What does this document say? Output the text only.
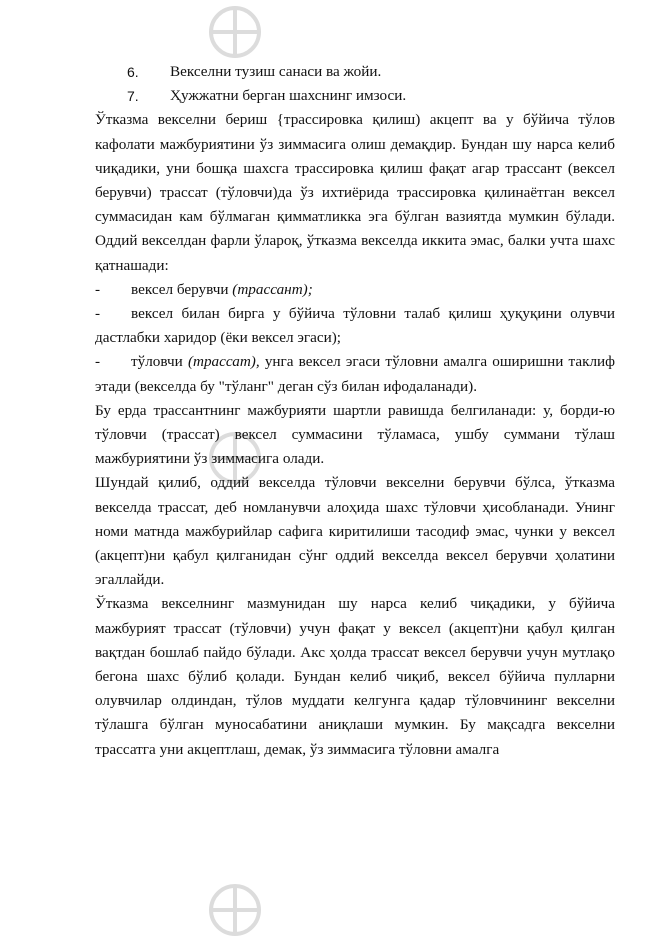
6.	Векселни тузиш санаси ва жойи.
7.	Ҳужжатни берган шахснинг имзоси.

Ўтказма векселни бериш {трассировка қилиш) акцепт ва у бўйича тўлов кафолати мажбуриятини ўз зиммасига олиш демақдир. Бундан шу нарса келиб чиқадики, уни бошқа шахсга трассировка қилиш фақат агар трассант (вексел берувчи) трассат (тўловчи)да ўз ихтиёрида трассировка қилинаётган вексел суммасидан кам бўлмаган қимматликка эга бўлган вазиятда мумкин бўлади. Оддий векселдан фарли ўлароқ, ўтказма векселда иккита эмас, балки учта шахс қатнашади:

- вексел берувчи (трассант);

- вексел билан бирга у бўйича тўловни талаб қилиш ҳуқуқини олувчи дастлабки харидор (ёки вексел эгаси);

- тўловчи (трассат), унга вексел эгаси тўловни амалга оширишни таклиф этади (векселда бу "тўланг" деган сўз билан ифодаланади).

Бу ерда трассантнинг мажбурияти шартли равишда белгиланади: у, борди-ю тўловчи (трассат) вексел суммасини тўламаса, ушбу суммани тўлаш мажбуриятини ўз зиммасига олади.

Шундай қилиб, оддий векселда тўловчи векселни берувчи бўлса, ўтказма векселда трассат, деб номланувчи алоҳида шахс тўловчи ҳисобланади. Унинг номи матнда мажбурийлар сафига киритилиши тасодиф эмас, чунки у вексел (акцепт)ни қабул қилганидан сўнг оддий векселда вексел берувчи ҳолатини эгаллайди.

Ўтказма векселнинг мазмунидан шу нарса келиб чиқадики, у бўйича мажбурият трассат (тўловчи) учун фақат у вексел (акцепт)ни қабул қилган вақтдан бошлаб пайдо бўлади. Акс ҳолда трассат вексел берувчи учун мутлақо бегона шахс бўлиб қолади. Бундан келиб чиқиб, вексел бўйича пулларни олувчилар олдиндан, тўлов муддати келгунга қадар тўловчининг векселни тўлашга бўлган муносабатини аниқлаши мумкин. Бу мақсадга векселни трассатга уни акцептлаш, демак, ўз зиммасига тўловни амалга
